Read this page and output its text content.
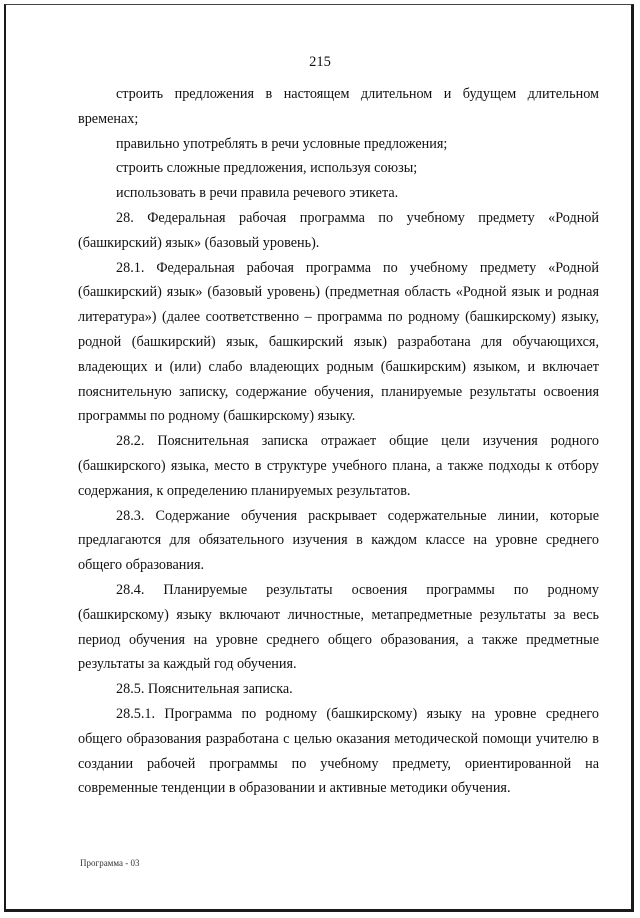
215

строить предложения в настоящем длительном и будущем длительном временах;

правильно употреблять в речи условные предложения;

строить сложные предложения, используя союзы;

использовать в речи правила речевого этикета.

28. Федеральная рабочая программа по учебному предмету «Родной (башкирский) язык» (базовый уровень).

28.1. Федеральная рабочая программа по учебному предмету «Родной (башкирский) язык» (базовый уровень) (предметная область «Родной язык и родная литература») (далее соответственно – программа по родному (башкирскому) языку, родной (башкирский) язык, башкирский язык) разработана для обучающихся, владеющих и (или) слабо владеющих родным (башкирским) языком, и включает пояснительную записку, содержание обучения, планируемые результаты освоения программы по родному (башкирскому) языку.

28.2. Пояснительная записка отражает общие цели изучения родного (башкирского) языка, место в структуре учебного плана, а также подходы к отбору содержания, к определению планируемых результатов.

28.3. Содержание обучения раскрывает содержательные линии, которые предлагаются для обязательного изучения в каждом классе на уровне среднего общего образования.

28.4. Планируемые результаты освоения программы по родному (башкирскому) языку включают личностные, метапредметные результаты за весь период обучения на уровне среднего общего образования, а также предметные результаты за каждый год обучения.

28.5. Пояснительная записка.

28.5.1. Программа по родному (башкирскому) языку на уровне среднего общего образования разработана с целью оказания методической помощи учителю в создании рабочей программы по учебному предмету, ориентированной на современные тенденции в образовании и активные методики обучения.

Программа - 03
